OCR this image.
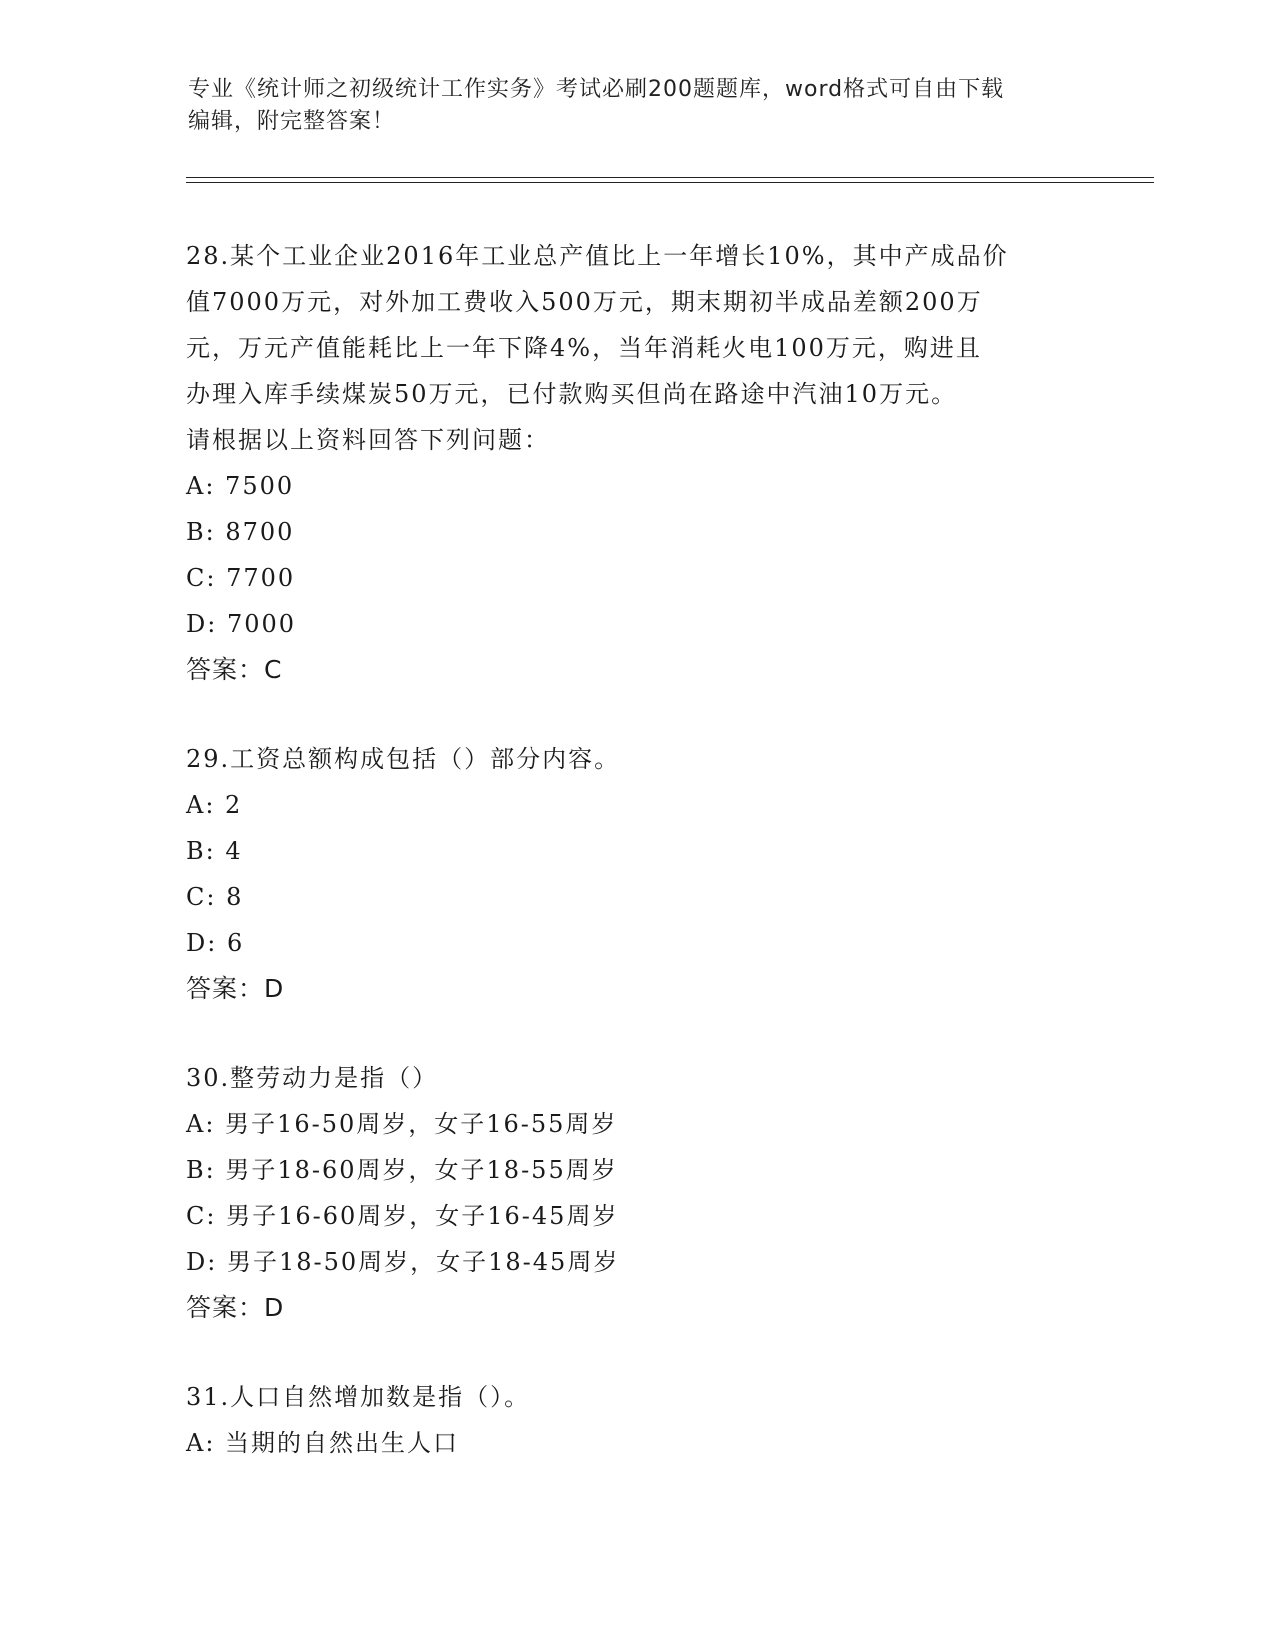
专业《统计师之初级统计工作实务》考试必刷200题题库，word格式可自由下载
编辑，附完整答案！
28.某个工业企业2016年工业总产值比上一年增长10%，其中产成品价
值7000万元，对外加工费收入500万元，期末期初半成品差额200万
元，万元产值能耗比上一年下降4%，当年消耗火电100万元，购进且
办理入库手续煤炭50万元，已付款购买但尚在路途中汽油10万元。
请根据以上资料回答下列问题：
A: 7500
B: 8700
C: 7700
D: 7000
答案：C
29.工资总额构成包括（）部分内容。
A: 2
B: 4
C: 8
D: 6
答案：D
30.整劳动力是指（）
A: 男子16-50周岁，女子16-55周岁
B: 男子18-60周岁，女子18-55周岁
C: 男子16-60周岁，女子16-45周岁
D: 男子18-50周岁，女子18-45周岁
答案：D
31.人口自然增加数是指（）。
A: 当期的自然出生人口
